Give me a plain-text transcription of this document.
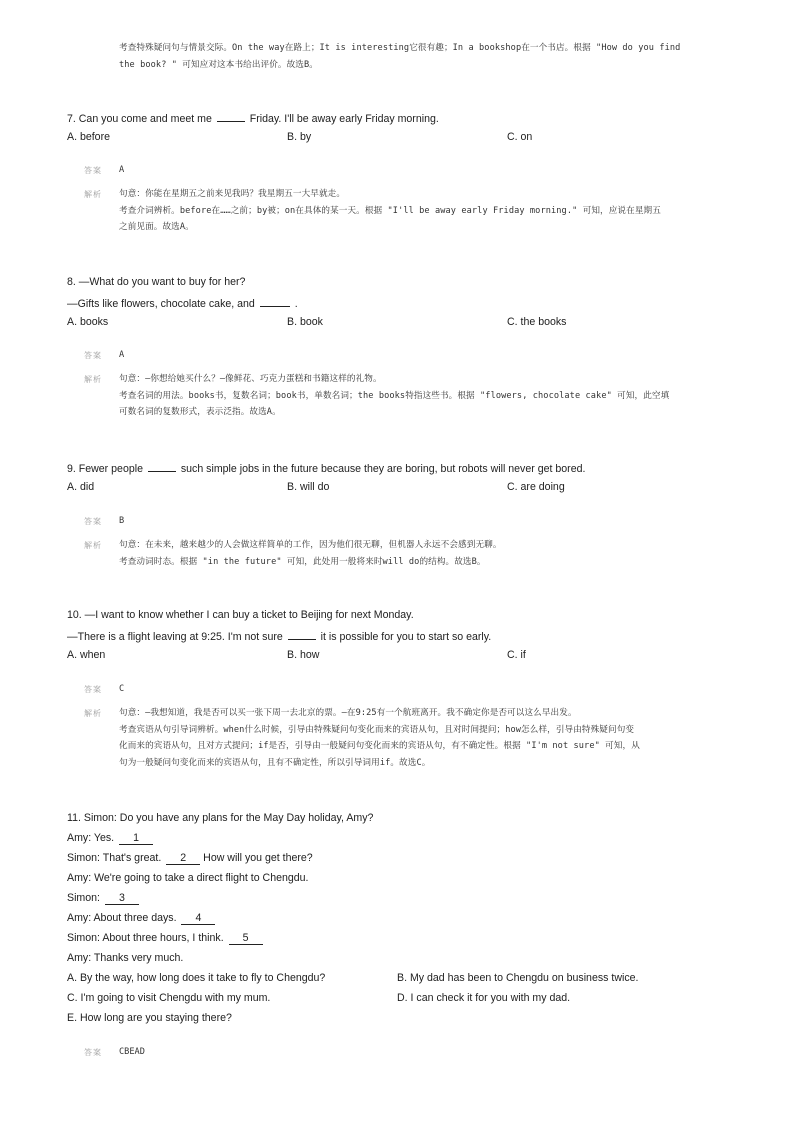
考查特殊疑问句与情景交际。On the way在路上；It is interesting它很有趣；In a bookshop在一个书店。根据 "How do you find
the book? " 可知应对这本书给出评价。故选B。
7. Can you come and meet me	Friday. I'll be away early Friday morning.
A. before	B. by	C. on
答案 A
解析 句意：你能在星期五之前来见我吗？我星期五一大早就走。
考查介词辨析。before在……之前；by被；on在具体的某一天。根据 "I'll be away early Friday morning." 可知，应说在星期五
之前见面。故选A。
8. —What do you want to buy for her?
—Gifts like flowers, chocolate cake, and	.
A. books	B. book	C. the books
答案 A
解析 句意：—你想给她买什么？—像鲜花、巧克力蛋糕和书籍这样的礼物。
考查名词的用法。books书，复数名词；book书，单数名词；the books特指这些书。根据 "flowers, chocolate cake" 可知，此空填
可数名词的复数形式，表示泛指。故选A。
9. Fewer people	such simple jobs in the future because they are boring, but robots will never get bored.
A. did	B. will do	C. are doing
答案 B
解析 句意：在未来，越来越少的人会做这样简单的工作，因为他们很无聊，但机器人永远不会感到无聊。
考查动词时态。根据 "in the future" 可知，此处用一般将来时will do的结构。故选B。
10. —I want to know whether I can buy a ticket to Beijing for next Monday.
—There is a flight leaving at 9:25. I'm not sure	it is possible for you to start so early.
A. when	B. how	C. if
答案 C
解析 句意：—我想知道，我是否可以买一张下周一去北京的票。—在9:25有一个航班离开。我不确定你是否可以这么早出发。
考查宾语从句引导词辨析。when什么时候，引导由特殊疑问句变化而来的宾语从句，且对时间提问；how怎么样，引导由特殊疑问句变
化而来的宾语从句，且对方式提问；if是否，引导由一般疑问句变化而来的宾语从句，有不确定性。根据 "I'm not sure" 可知，从
句为一般疑问句变化而来的宾语从句，且有不确定性，所以引导词用if。故选C。
11. Simon: Do you have any plans for the May Day holiday, Amy?
Amy: Yes. 1
Simon: That's great. 2 How will you get there?
Amy: We're going to take a direct flight to Chengdu.
Simon: 3
Amy: About three days. 4
Simon: About three hours, I think. 5
Amy: Thanks very much.
A. By the way, how long does it take to fly to Chengdu?	B. My dad has been to Chengdu on business twice.
C. I'm going to visit Chengdu with my mum.	D. I can check it for you with my dad.
E. How long are you staying there?
答案 CBEAD
